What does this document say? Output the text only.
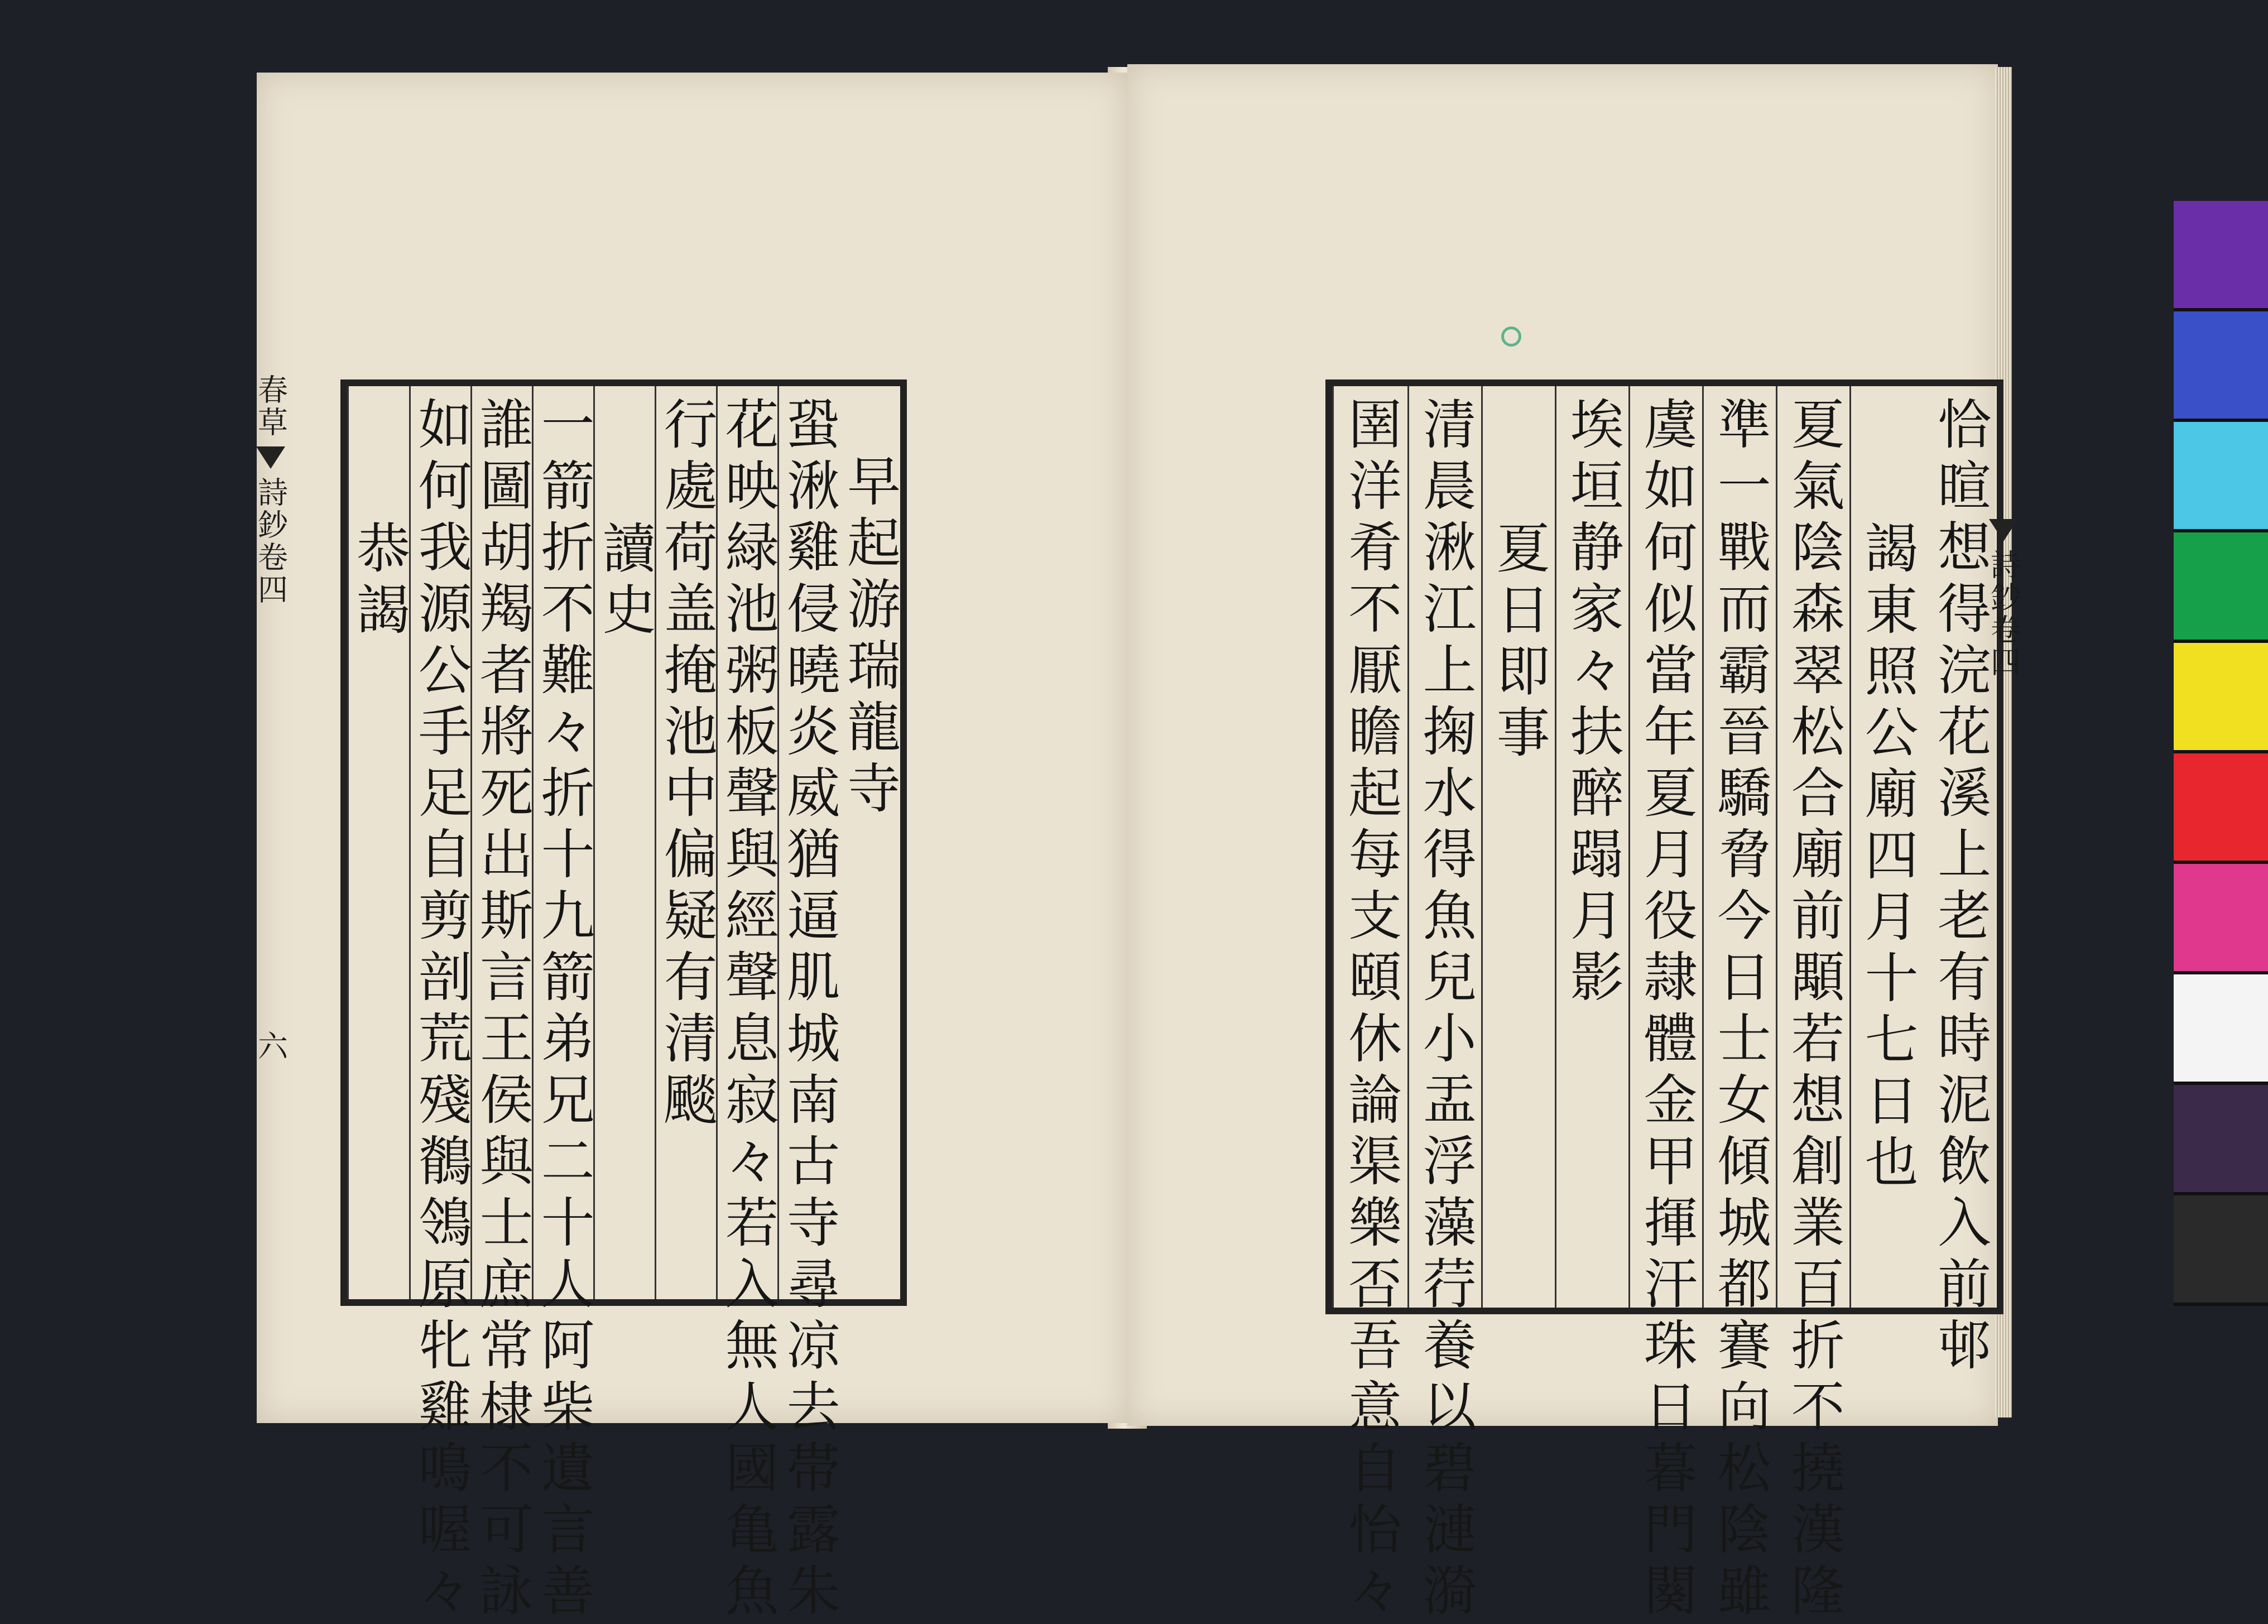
春草
詩鈔卷四
六
早起游瑞龍寺
蛩湫雞侵曉炎威猶逼肌城南古寺尋凉去帯露朱
花映緑池粥板聲與經聲息寂々若入無人國亀魚
行處荷盖掩池中偏疑有清颷
讀史
一箭折不難々折十九箭弟兄二十人阿柴遺言善
誰圖胡羯者將死出斯言王侯與士庶常棣不可詠
如何我源公手足自剪剖荒殘鶺鴒原牝雞鳴喔々
恭謁	恰暄想得浣花溪上老有時泥飲入前邨
謁東照公廟四月十七日也
夏氣陰森翠松合廟前顒若想創業百折不撓漢隆
準一戰而霸晉驕脅今日士女傾城都賽向松陰雖
虞如何似當年夏月役隷體金甲揮汗珠日暮門闋
埃垣静家々扶醉蹋月影
夏日即事
清晨湫江上掬水得魚兒小盂浮藻荇養以碧漣漪
圉洋肴不厭瞻起每支頤休論渠樂否吾意自怡々	詩鈔卷四
